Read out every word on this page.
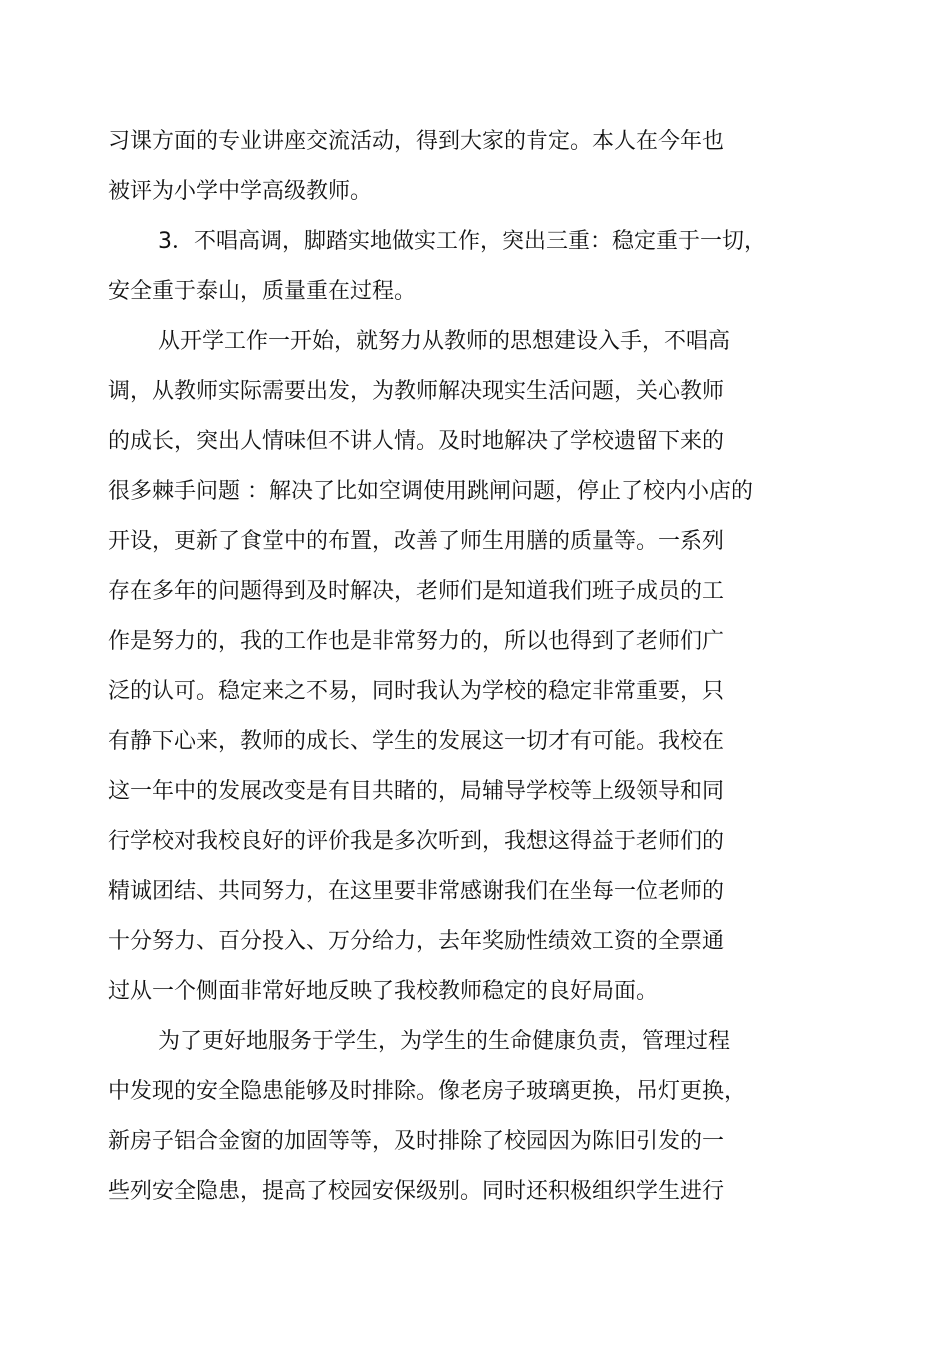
习课方面的专业讲座交流活动，得到大家的肯定。本人在今年也

被评为小学中学高级教师。

3．不唱高调，脚踏实地做实工作，突出三重：稳定重于一切，

安全重于泰山，质量重在过程。

从开学工作一开始，就努力从教师的思想建设入手，不唱高

调，从教师实际需要出发，为教师解决现实生活问题，关心教师

的成长，突出人情味但不讲人情。及时地解决了学校遗留下来的

很多棘手问题 ：解决了比如空调使用跳闸问题，停止了校内小店的

开设，更新了食堂中的布置，改善了师生用膳的质量等。一系列

存在多年的问题得到及时解决，老师们是知道我们班子成员的工

作是努力的，我的工作也是非常努力的，所以也得到了老师们广

泛的认可。稳定来之不易，同时我认为学校的稳定非常重要，只

有静下心来，教师的成长、学生的发展这一切才有可能。我校在

这一年中的发展改变是有目共睹的，局辅导学校等上级领导和同

行学校对我校良好的评价我是多次听到，我想这得益于老师们的

精诚团结、共同努力，在这里要非常感谢我们在坐每一位老师的

十分努力、百分投入、万分给力，去年奖励性绩效工资的全票通

过从一个侧面非常好地反映了我校教师稳定的良好局面。

为了更好地服务于学生，为学生的生命健康负责，管理过程

中发现的安全隐患能够及时排除。像老房子玻璃更换，吊灯更换，

新房子铝合金窗的加固等等，及时排除了校园因为陈旧引发的一

些列安全隐患，提高了校园安保级别。同时还积极组织学生进行
